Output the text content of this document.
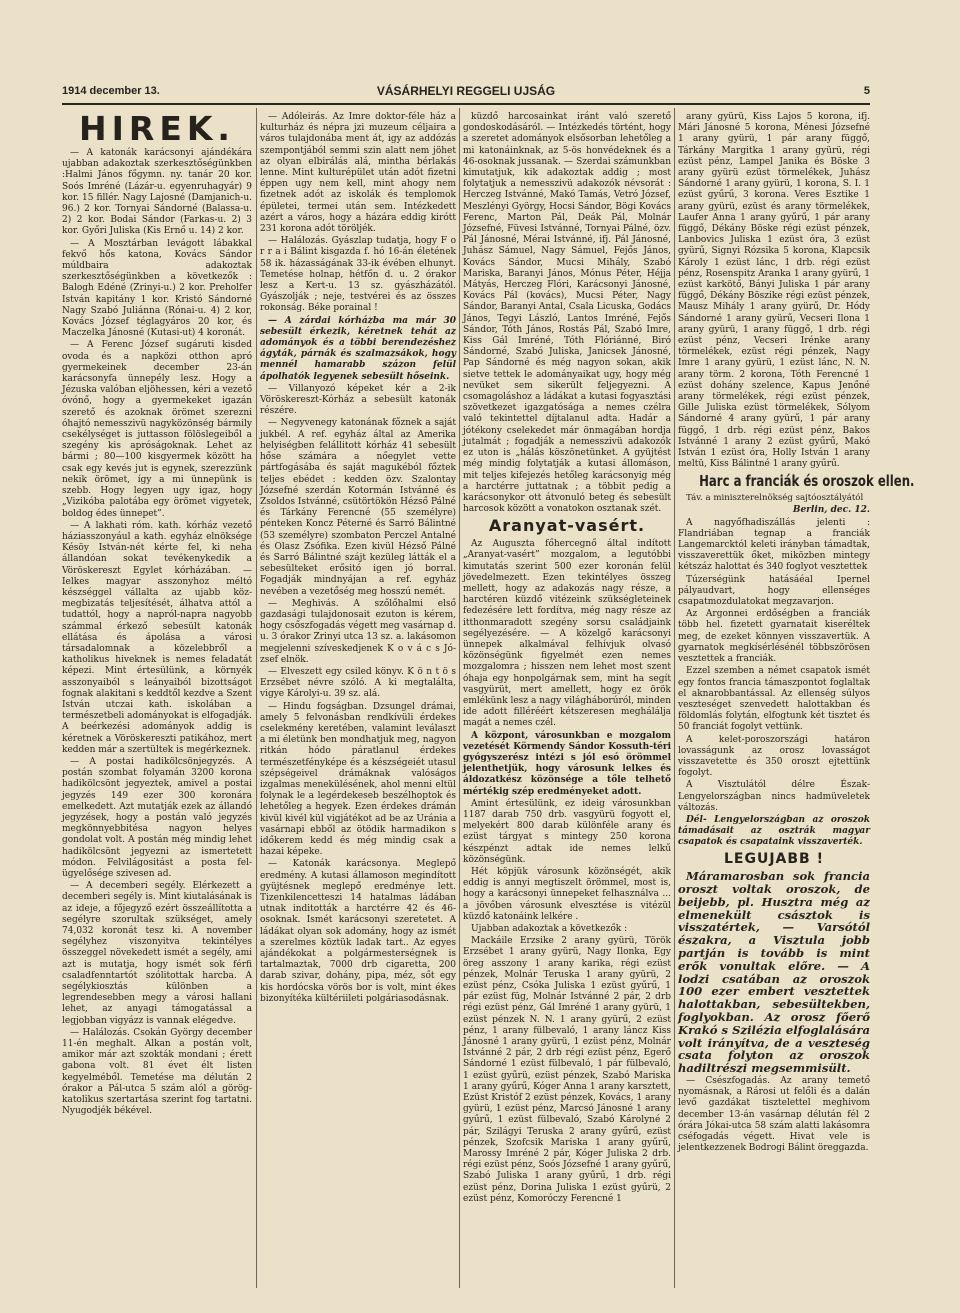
1914 december 13.	VÁSÁRHELYI REGGELI UJSÁG	5
HIREK.

— A katonák karácsonyi ajándékára ujabban adakoztak szerkesztőségünkben :Halmi János főgymn. ny. tanár 20 kor. Soós Imréné (Lázár-u. egyenruhagyár) 9 kor. 15 fillér. Nagy Lajosné (Damjanich-u. 96.) 2 kor. Tornyai Sándorné (Balassa-u. 2) 2 kor. Bodai Sándor (Farkas-u. 2) 3 kor. Győri Juliska (Kis Ernő u. 14) 2 kor.

— A Mosztárban levágott lábakkal fekvő hős katona, Kovács Sándor múldbaira adakoztak szerkesztőségünkben a következők : Balogh Edéné (Zrinyi-u.) 2 kor. Preholfer István kapitány 1 kor. Kristó Sándorné Nagy Szabó Juliánna (Rónai-u. 4) 2 kor, Kovács József téglagyáros 20 kor, és Maczelka Jánosné (Kutasi-ut) 4 koronát.

— A Ferenc József sugáruti kisded ovoda és a napközi otthon apró gyermekeinek december 23-án karácsonyfa ünnepély lesz. Hogy a Jézuska valóban eljöhessen, kéri a vezető óvónő, hogy a gyermekeket igazán szerető és azoknak örömet szerezni óhajtó nemesszivü nagyközönség bármily csekélységet is juttasson fölöslegeiből a szegény kis apróságoknak. Lehet az bármi ; 80—100 kisgyermek között ha csak egy kevés jut is egynek, szerezzünk nekik örömet, így a mi ünnepünk is szebb. Hogy legyen ugy igaz, hogy „Vizikóba palotába egy örömet vigyetek, boldog édes ünnepet”.

— A lakhati róm. kath. kórház vezető háziasszonyául a kath. egyház elnöksége Késöy István-nét kérte fel, ki neha állandóan sokat tevékenykedik a Vöröskereszt Egylet kórházában. — Ielkes magyar asszonyhoz méltó készséggel vállalta az ujabb köz-megbizatás teljesítését, álhatva attól a tudattól, hogy a napról-napra nagyobb számmal érkező sebesült katonák ellátása és ápolása a városi társadalomnak a közelebbről a katholikus hiveknek is nemes feladatát képezi. Mint értesülünk, a környék asszonyaiból s leányaiból bizottságot fognak alakitani s keddtől kezdve a Szent István utczai kath. iskolában a természetbeli adományokat is elfogadják. A beérkezési adományok addig is kéretnek a Vöröskereszti patikához, mert kedden már a szertültek is megérkeznek.

— A postai hadikölcsönjegyzés. A postán szombat folyamán 3200 korona hadikölcsönt jegyeztek, amivel a postai jegyzés 149 ezer 300 koronára emelkedett. Azt mutatják ezek az állandó jegyzések, hogy a postán való jegyzés megkönnyebbitésa nagyon helyes gondolat volt. A postán még mindig lehet hadikölcsönt jegyezni az ismertetett módon. Felvilágositást a posta fel-ügyelősége szivesen ad.

— A decemberi segély. Elérkezett a decemberi segély is. Mint kiutalásának is az ideje, a főjegyző ezért összeállította a segélyre szorultak szükséget, amely 74,032 koronát tesz ki. A november segélyhez viszonyitva tekintélyes összeggel növekedett ismét a segély, ami azt is mutatja, hogy ismét sok férfi csaladfenntartót szólitottak harcba. A segélykiosztás különben a legrendesebben megy a városi hallani lehet, az anyagi támogatással a legjobban vigyázz is vannak elégedve.

— Halálozás. Csokán György december 11-én meghalt. Alkan a postán volt, amikor már azt szokták mondani ; érett gabona volt. 81 évet élt listen kegyelméből. Temetése ma délután 2 órakor a Pál-utca 5 szám alól a görög-katolikus szertartása szerint fog tartatni. Nyugodjék békével.

— Adóleirás. Az Imre doktor-féle ház a kulturház és népra jzi muzeum céljaira a város tulajdonába ment át, igy az addózás szempontjából semmi szin alatt nem jöhet az olyan elbirálás alá, mintha bérlakás lenne. Mint kulturépület után adót fizetni éppen ugy nem kell, mint ahogy nem fizetnek adót az iskolák és templomok épületei, termei után sem. Intézkedett azért a város, hogy a házára eddig kirótt 231 korona adót töröljék.

— Halálozás. Gyászlap tudatja, hogy F o r r a i Bálint kisgazda f. hó 16-án életének 58 ik. házasságának 33-ik évében elhunyt. Temetése holnap, hétfőn d. u. 2 órakor lesz a Kert-u. 13 sz. gyászházától. Gyászolják ; neje, testvérei és az összes rokonság. Béke porainal !

— A zárdai kórházba ma már 30 sebesült érkezik, kéretnek tehát az adományok és a többi berendezéshez ágyták, párnák és szalmazsákok, hogy mennél hamarabb százon felül ápolhatók legyenek sebesült hőseink.

— Villanyozó képeket kér a 2-ik Vöröskereszt-Kórház a sebesült katonák részére.

— Negyvenegy katonának főznek a saját jukbél. A ref. egyház által az Amerika helyiségben felállitott kórház 41 sebesült hőse számára a nőegylet vette pártfogásába és saját magukéból főztek teljes ebédet : kedden özv. Szalontay Józsefné szerdán Kotormán Istvánné és Zsoldos Istvánné, csütörtökön Hézső Pálné és Tárkány Ferencné (55 személyre) pénteken Koncz Péterné és Sarró Bálintné (53 személyre) szombaton Perczel Antalné és Olasz Zsófika. Ezen kivül Hézső Pálné és Sarró Bálintné szájt kezüleg látták el a sebesülteket erősitó igen jó borral. Fogadják mindnyájan a ref. egyház nevében a vezetőség meg hosszú nemét.

— Meghivás. A szőlőhalmi első gazdasági tulajdonosait ezuton is kérem, hogy csőszfogadás végett meg vasárnap d. u. 3 órakor Zrinyi utca 13 sz. a. lakásomon megjelenni szíveskedjenek K o v á c s Jó-zsef elnök.

— Elveszett egy csiled könyv. K ö n t ö s Erzsébet névre szóló. A ki megtalálta, vigye Károlyi-u. 39 sz. alá.

— Hindu fogságban. Dzsungel drámai, amely 5 felvonásban rendkívüli érdekes cselekmény keretében, valamint leválaszt a mi életünk ben mondhatjuk meg, nagyon ritkán hódo páratlanul érdekes természetfényképe és a készségeiét utasul szépségeivel drámáknak valóságos izgalmas menekülésének, ahol menni eltül folynak le a legérdekeseb beszélhoptok és lehetőleg a hegyek. Ezen érdekes drámán kivül kivél kül vigjátékot ad be az Uránia a vasárnapi ebből az ötödik harmadikon s időkerem kedd és még mindig csak a hazai képeke.

— Katonák karácsonya. Meglepő eredmény. A kutasi államoson megindított gyüjtésnek meglepő eredménye lett. Tizenkilencetteszi 14 hatalmas ládában utnak inditották a harctérre 42 és 46-osoknak. Ismét karácsonyi szeretetet. A ládákat olyan sok adomány, hogy az ismét a szerelmes köztük ladak tart.. Az egyes ajándékokat a polgármesterségnek is tartalmaztak, 7000 drb cigaretta, 200 darab szivar, dohány, pipa, méz, sőt egy kis hordócska vörös bor is volt, mint ékes bizonyítéka kültériileti polgáriasodásnak.

küzdő harcosainkat iránt való szerető gondoskodásáról. — Intézkedés történt, hogy a szeretet adományok elsősorban lehetőleg a mi katonáinknak, az 5-ös honvédeknek és a 46-osoknak jussanak. — Szerdai számunkban kimutatjuk, kik adakoztak addig ; most folytatjuk a nemesszivü adakozók névsorát : Herczeg Istvánné, Makó Tamás, Vetró József, Meszlényi György, Hocsi Sándor, Bögi Kovács Ferenc, Marton Pál, Deák Pál, Molnár Józsefné, Füvesi Istvánné, Tornyai Pálné, özv. Pál Jánosné, Mérai Istvánné, ifj. Pál Jánosné, Juhász Sámuel, Nagy Sámuel, Fejős János, Kovács Sándor, Mucsi Mihály, Szabó Mariska, Baranyi János, Mónus Péter, Héjja Mátyás, Herczeg Flóri, Karácsonyi Jánosné, Kovács Pál (kovács), Mucsi Péter, Nagy Sándor, Baranyi Antal, Csala Licuska, Godács János, Tegyi László, Lantos Imréné, Fejős Sándor, Tóth János, Rostás Pál, Szabó Imre, Kiss Gál Imréné, Tóth Flóriánné, Biró Sándorné, Szabó Juliska, Janicsek Jánosné, Pap Sándorné és még nagyon sokan, akik sietve tettek le adományaikat ugy, hogy még nevüket sem sikerült feljegyezni. A csomagoláshoz a ládákat a kutasi fogyasztási szövetkezet igazgatósága a nemes czélra való tekintettel díjtalanul adta. Hadár a jótékony cselekedet már önmagában hordja jutalmát ; fogadják a nemesszivü adakozók ez uton is „hálás köszönetünket. A gyüjtést még mindig folytatják a kutasi állomáson, mit teljes kifejezés hetőleg karácsonyig még a harctérre juttatnak ; a többit pedig a karácsonykor ott átvonuló beteg és sebesült harcosok között a vonatokon osztanak szét.

Aranyat-vasért.

Az Auguszta főhercegnő által indított „Aranyat-vasért” mozgalom, a legutóbbi kimutatás szerint 500 ezer koronán felül jövedelmezett. Ezen tekintélyes összeg mellett, hogy az adakozás nagy része, a harctéren küzdő vitézeink szükségleteinek fedezésére lett fordítva, még nagy része az itthonmaradott szegény sorsu családjaink segélyezésére. — A közelgő karácsonyi ünnepek alkalmával felhívjuk olvasó közönségünk figyelmét ezen nemes mozgalomra ; hisszen nem lehet most szent óhaja egy honpolgárnak sem, mint ha segít vasgyürüt, mert amellett, hogy ez örök emlékünk lesz a nagy világháborúról, minden ide adott filléréért kétszeresen meghálálja magát a nemes czél.

A központ, városunkban e mozgalom vezetését Körmendy Sándor Kossuth-téri gyógyszerész intézi s jól esó örömmel jelenthetjük, hogy városunk lelkes és áldozatkész közönsége a tőle telhető mértékig szép eredményeket adott.

Amint értesülünk, ez ideig városunkban 1187 darab 750 drb. vasgyürü fogyott el, melyekért 800 darab különféle arany és ezüst tárgyat s mintegy 250 korona készpénzt adtak ide nemes lelkű közönségünk.

Hét köpjük városunk közönségét, akik eddig is annyi megtiszelt örömmel, most is, hogy a karácsonyi ünnepeket felhasználva ... a jövőben városunk elvesztése is vitézül küzdő katonáink lelkére .

Ujabban adakoztak a következők :

Mackáile Erzsike 2 arany gyürü, Török Erzsébet 1 arany gyürü, Nagy Ilonka, Egy öreg asszony 1 arany karika, régi ezüst pénzek, Molnár Teruska 1 arany gyürü, 2 ezüst pénz, Csóka Juliska 1 ezüst gyűrű, 1 pár ezüst füg, Molnár Istvánné 2 pár, 2 drb régi ezüst pénz, Gál Imréné 1 arany gyürü, 1 ezüst pénzek N. N. 1 arany gyürű, 2 ezüst pénz, 1 arany fülbevaló, 1 arany láncz Kiss Jánosné 1 arany gyürü, 1 ezüst pénz, Molnár Istvánné 2 pár, 2 drb régi ezüst pénz, Egerő Sándorné 1 ezüst fülbevaló, 1 pár fülbevaló, 1 ezüst gyűrü, ezüst pénzek, Szabó Mariska 1 arany gyűrű, Kóger Anna 1 arany karsztett, Ezüst Kristóf 2 ezüst pénzek, Kovács, 1 arany gyürü, 1 ezüst pénz, Marcsó Jánosné 1 arany gyűrű, 1 ezüst fülbevaló, Szabó Károlyné 2 pár, Szilágyi Teruska 2 arany gyűrű, ezüst pénzek, Szofcsik Mariska 1 arany gyűrű, Marossy Imréné 2 pár, Kóger Juliska 2 drb. régi ezüst pénz, Soós Józsefné 1 arany gyűrű, Szabó Juliska 1 arany gyűrű, 1 drb. régi ezüst pénz, Dorina Juliska 1 ezüst gyűrü, 2 ezüst pénz, Komoróczy Ferencné 1

arany gyürü, Kiss Lajos 5 korona, ifj. Mári Jánosné 5 korona, Ménesi Józsefné 1 arany gyürü, 1 pár arany függő, Tárkány Margitka 1 arany gyürü, régi ezüst pénz, Lampel Janika és Böske 3 arany gyürü ezüst törmelékek, Juhász Sándorné 1 arany gyürü, 1 korona, S. I. 1 ezüst gyűrű, 3 korona. Veres Esztike 1 arany gyürü, ezüst és arany törmelékek, Laufer Anna 1 arany gyűrű, 1 pár arany függő, Dékány Böske régi ezüst pénzek, Lanbovics Juliska 1 ezüst óra, 3 ezüst gyürű, Signyi Rózsika 5 korona, Klapcsik Károly 1 ezüst lánc, 1 drb. régi ezüst pénz, Rosenspitz Aranka 1 arany gyürű, 1 ezüst karkötő, Bányi Juliska 1 pár arany függő, Dékány Böszike régi ezüst pénzek, Mausz Mihály 1 arany gyürű, Dr. Hódy Sándorné 1 arany gyürű, Vecseri Ilona 1 arany gyürü, 1 arany függő, 1 drb. régi ezüst pénz, Vecseri Irénke arany törmelékek, ezüst régi pénzek, Nagy Imre 1 arany gyürü, 1 ezüst lánc, N. N. arany törm. 2 korona, Tóth Ferencné 1 ezüst dohány szelence, Kapus Jenőné arany törmelékek, régi ezüst pénzek, Gille Juliska ezüst törmelékek, Sólyom Sándorné 4 arany gyürű, 1 pár arany függő, 1 drb. régi ezüst pénz, Bakos Istvánné 1 arany 2 ezüst gyűrű, Makó István 1 ezüst óra, Holly István 1 arany meltü, Kiss Bálintné 1 arany gyűrű.

Harc a franciák és oroszok ellen.

Táv. a miniszterelnökség sajtóosztályától

Berlin, dec. 12.

A nagyőfhadiszállás jelenti : Flandriában tegnap a franciák Langemarcktól keleti irányban támadtak, visszaverettük őket, miközben mintegy kétszáz halottat és 340 foglyot vesztettek

Túzerségünk hatásáéal Ipernel pályaudvart, hogy ellenséges csapatmozdulatokat megzavarjon.

Az Argonnei erdőségben a franciák több hel. fizetett gyarnatait kiseréltek meg, de ezeket könnyen visszavertük. A gyarnatok megkísérlésénél többszörösen vesztettek a franciák.

Ezzel szemben a német csapatok ismét egy fontos francia támaszpontot foglaltak el aknarobbantással. Az ellenség súlyos veszteséget szenvedett halottakban és földomlás folytán, elfogtunk két tisztet és 50 franciát fogolyt vettünk.

A kelet-poroszországi határon lovasságunk az orosz lovasságot visszavetette és 350 oroszt ejtettünk fogolyt.

A Visztulától délre Észak-Lengyelországban nincs hadmüveletek változás.

Dél- Lengyelországban az oroszok támadásait az osztrák magyar csapatok és csapataink visszaverték.

LEGUJABB !

Máramarosban sok francia oroszt voltak oroszok, de beijebb, pl. Husztra még az elmenekült császtok is visszatértek, — Varsótól északra, a Visztula jobb partján is tovább is mint erők vonultak előre. — A lodzi csatában az oroszok 100 ezer embert vesztettek halottakban, sebesültekben, foglyokban. Az orosz főerő Krakó s Szilézia elfoglalására volt irányítva, de a veszteség csata folyton az oroszok hadiltrészi megsemmisült.

— Csészfogadás. Az arany temető nyomásnak, a Rárosi ut felőli és a dalán levő gazdákat tisztelettel meghivom december 13-án vasárnap délután fél 2 órára Jókai-utca 58 szám alatti lakásomra cséfogadás végett. Hivat vele is jelentkezzenek Bodrogi Bálint öreggazda.
